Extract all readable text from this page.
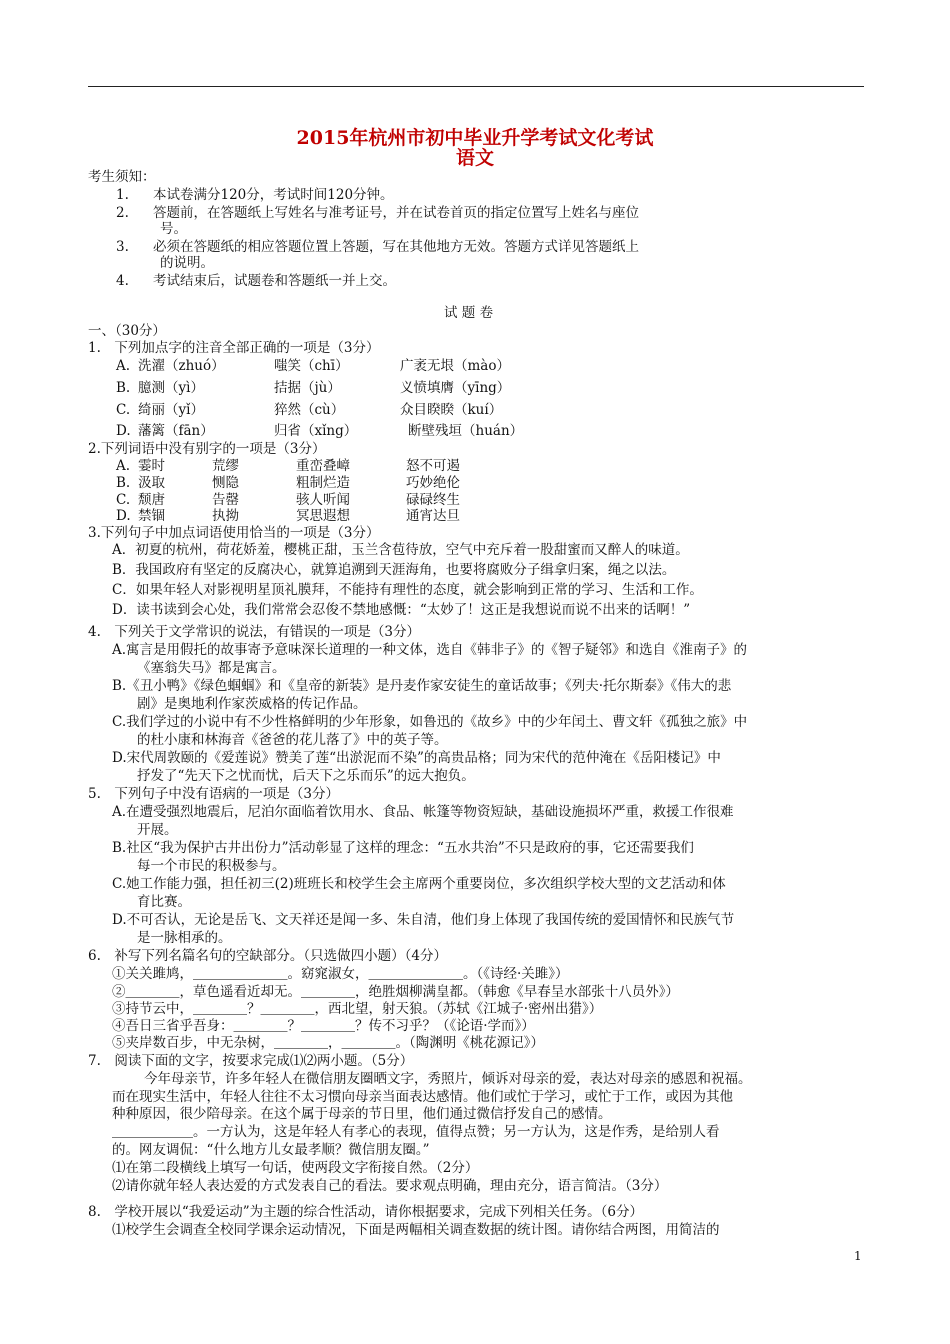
2015年杭州市初中毕业升学考试文化考试
语文
考生须知：
1. 本试卷满分120分，考试时间120分钟。
2. 答题前，在答题纸上写姓名与准考证号，并在试卷首页的指定位置写上姓名与座位
号。
3. 必须在答题纸的相应答题位置上答题，写在其他地方无效。答题方式详见答题纸上
的说明。
4. 考试结束后，试题卷和答题纸一并上交。
试 题 卷
一、（30分）
1.　下列加点字的注音全部正确的一项是（3分）
A. 洗濯（zhuó）	嗤笑（chī）	广袤无垠（mào）
B. 臆测（yì）	拮据（jù）	义愤填膺（yīng）
C. 绮丽（yǐ）	猝然（cù）	众目睽睽（kuí）
D. 藩篱（fān）	归省（xǐng）	断壁残垣（huán）
2.下列词语中没有别字的一项是（3分）
A. 霎时	荒缪	重峦叠嶂	怒不可遏
B. 汲取	恻隐	粗制烂造	巧妙绝伦
C. 颓唐	告罄	骇人听闻	碌碌终生
D. 禁锢	执拗	冥思遐想	通宵达旦
3.下列句子中加点词语使用恰当的一项是（3分）
A．初夏的杭州，荷花娇羞，樱桃正甜，玉兰含苞待放，空气中充斥着一股甜蜜而又醉人的味道。
B．我国政府有坚定的反腐决心，就算追溯到天涯海角，也要将腐败分子缉拿归案，绳之以法。
C．如果年轻人对影视明星顶礼膜拜，不能持有理性的态度，就会影响到正常的学习、生活和工作。
D．读书读到会心处，我们常常会忍俊不禁地感慨：“太妙了！这正是我想说而说不出来的话啊！”
4.　下列关于文学常识的说法，有错误的一项是（3分）
A.寓言是用假托的故事寄予意味深长道理的一种文体，选自《韩非子》的《智子疑邻》和选自《淮南子》的
《塞翁失马》都是寓言。
B.《丑小鸭》《绿色蝈蝈》和《皇帝的新装》是丹麦作家安徒生的童话故事；《列夫·托尔斯泰》《伟大的悲
剧》是奥地利作家茨威格的传记作品。
C.我们学过的小说中有不少性格鲜明的少年形象，如鲁迅的《故乡》中的少年闰土、曹文轩《孤独之旅》中
的杜小康和林海音《爸爸的花儿落了》中的英子等。
D.宋代周敦颐的《爱莲说》赞美了莲“出淤泥而不染”的高贵品格；同为宋代的范仲淹在《岳阳楼记》中
抒发了“先天下之忧而忧，后天下之乐而乐”的远大抱负。
5.　下列句子中没有语病的一项是（3分）
A.在遭受强烈地震后，尼泊尔面临着饮用水、食品、帐篷等物资短缺，基础设施损坏严重，救援工作很难
开展。
B.社区“我为保护古井出份力”活动彰显了这样的理念：“五水共治”不只是政府的事，它还需要我们
每一个市民的积极参与。
C.她工作能力强，担任初三(2)班班长和校学生会主席两个重要岗位，多次组织学校大型的文艺活动和体
育比赛。
D.不可否认，无论是岳飞、文天祥还是闻一多、朱自清，他们身上体现了我国传统的爱国情怀和民族气节
是一脉相承的。
6.　补写下列名篇名句的空缺部分。（只选做四小题）（4分）
①关关雎鸠，＿＿＿＿＿＿＿。窈窕淑女，＿＿＿＿＿＿＿。（《诗经·关雎》）
②＿＿＿＿，草色遥看近却无。＿＿＿＿，绝胜烟柳满皇都。（韩愈《早春呈水部张十八员外》）
③持节云中，＿＿＿＿？＿＿＿＿，西北望，射天狼。（苏轼《江城子·密州出猎》）
④吾日三省乎吾身：＿＿＿＿？＿＿＿＿？传不习乎？（《论语·学而》）
⑤夹岸数百步，中无杂树，＿＿＿＿，＿＿＿＿。（陶渊明《桃花源记》）
7.　阅读下面的文字，按要求完成⑴⑵两小题。（5分）
今年母亲节，许多年轻人在微信朋友圈晒文字，秀照片，倾诉对母亲的爱，表达对母亲的感恩和祝福。
而在现实生活中，年轻人往往不太习惯向母亲当面表达感情。他们或忙于学习，或忙于工作，或因为其他
种种原因，很少陪母亲。在这个属于母亲的节日里，他们通过微信抒发自己的感情。
＿＿＿＿＿＿。一方认为，这是年轻人有孝心的表现，值得点赞；另一方认为，这是作秀，是给别人看
的。网友调侃：“什么地方儿女最孝顺？微信朋友圈。”
⑴在第二段横线上填写一句话，使两段文字衔接自然。（2分）
⑵请你就年轻人表达爱的方式发表自己的看法。要求观点明确，理由充分，语言简洁。（3分）
8.　学校开展以“我爱运动”为主题的综合性活动，请你根据要求，完成下列相关任务。（6分）
⑴校学生会调查全校同学课余运动情况，下面是两幅相关调查数据的统计图。请你结合两图，用简洁的
1
